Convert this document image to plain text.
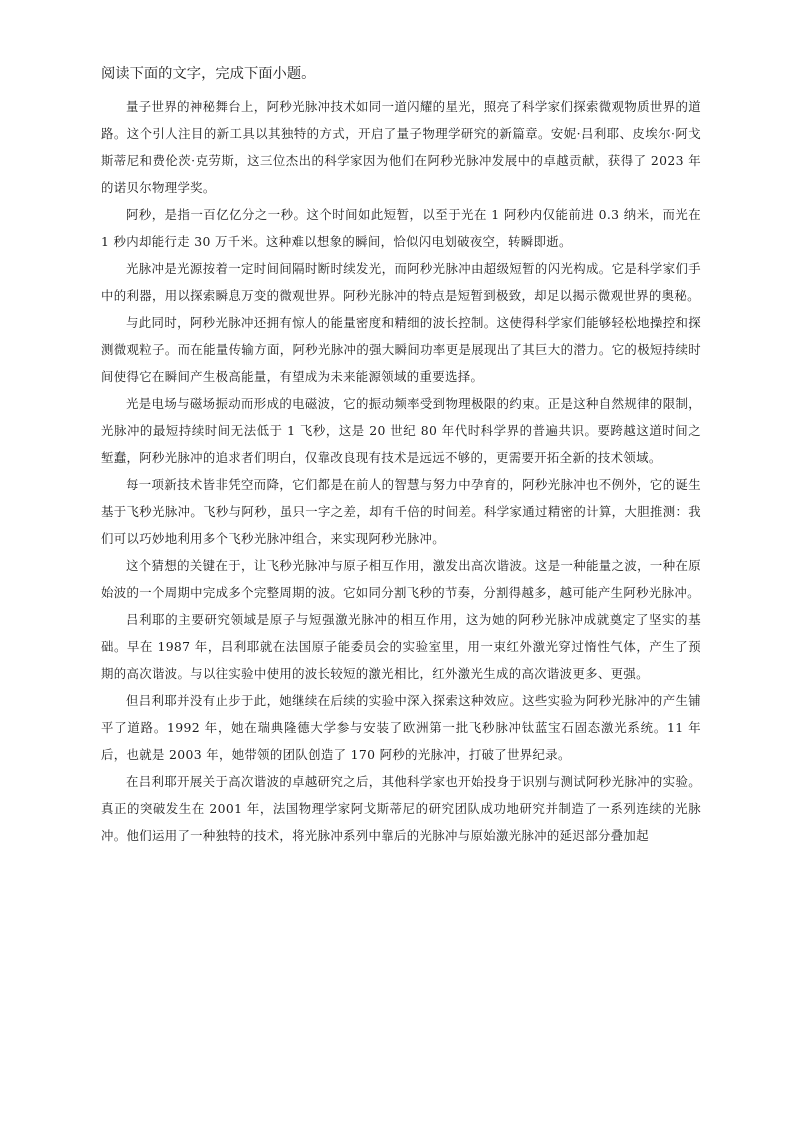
阅读下面的文字，完成下面小题。

量子世界的神秘舞台上，阿秒光脉冲技术如同一道闪耀的星光，照亮了科学家们探索微观物质世界的道路。这个引人注目的新工具以其独特的方式，开启了量子物理学研究的新篇章。安妮·吕利耶、皮埃尔·阿戈斯蒂尼和费伦茨·克劳斯，这三位杰出的科学家因为他们在阿秒光脉冲发展中的卓越贡献，获得了 2023 年的诺贝尔物理学奖。

阿秒，是指一百亿亿分之一秒。这个时间如此短暂，以至于光在 1 阿秒内仅能前进 0.3 纳米，而光在 1 秒内却能行走 30 万千米。这种难以想象的瞬间，恰似闪电划破夜空，转瞬即逝。

光脉冲是光源按着一定时间间隔时断时续发光，而阿秒光脉冲由超级短暂的闪光构成。它是科学家们手中的利器，用以探索瞬息万变的微观世界。阿秒光脉冲的特点是短暂到极致，却足以揭示微观世界的奥秘。

与此同时，阿秒光脉冲还拥有惊人的能量密度和精细的波长控制。这使得科学家们能够轻松地操控和探测微观粒子。而在能量传输方面，阿秒光脉冲的强大瞬间功率更是展现出了其巨大的潜力。它的极短持续时间使得它在瞬间产生极高能量，有望成为未来能源领域的重要选择。

光是电场与磁场振动而形成的电磁波，它的振动频率受到物理极限的约束。正是这种自然规律的限制，光脉冲的最短持续时间无法低于 1 飞秒，这是 20 世纪 80 年代时科学界的普遍共识。要跨越这道时间之堑蠢，阿秒光脉冲的追求者们明白，仅靠改良现有技术是远远不够的，更需要开拓全新的技术领域。

每一项新技术皆非凭空而降，它们都是在前人的智慧与努力中孕育的，阿秒光脉冲也不例外，它的诞生基于飞秒光脉冲。飞秒与阿秒，虽只一字之差，却有千倍的时间差。科学家通过精密的计算，大胆推测：我们可以巧妙地利用多个飞秒光脉冲组合，来实现阿秒光脉冲。

这个猜想的关键在于，让飞秒光脉冲与原子相互作用，激发出高次谐波。这是一种能量之波，一种在原始波的一个周期中完成多个完整周期的波。它如同分割飞秒的节奏，分割得越多，越可能产生阿秒光脉冲。

吕利耶的主要研究领域是原子与短强激光脉冲的相互作用，这为她的阿秒光脉冲成就奠定了坚实的基础。早在 1987 年，吕利耶就在法国原子能委员会的实验室里，用一束红外激光穿过惰性气体，产生了预期的高次谐波。与以往实验中使用的波长较短的激光相比，红外激光生成的高次谐波更多、更强。

但吕利耶并没有止步于此，她继续在后续的实验中深入探索这种效应。这些实验为阿秒光脉冲的产生铺平了道路。1992 年，她在瑞典隆德大学参与安装了欧洲第一批飞秒脉冲钛蓝宝石固态激光系统。11 年后，也就是 2003 年，她带领的团队创造了 170 阿秒的光脉冲，打破了世界纪录。

在吕利耶开展关于高次谐波的卓越研究之后，其他科学家也开始投身于识别与测试阿秒光脉冲的实验。真正的突破发生在 2001 年，法国物理学家阿戈斯蒂尼的研究团队成功地研究并制造了一系列连续的光脉冲。他们运用了一种独特的技术，将光脉冲系列中靠后的光脉冲与原始激光脉冲的延迟部分叠加起
